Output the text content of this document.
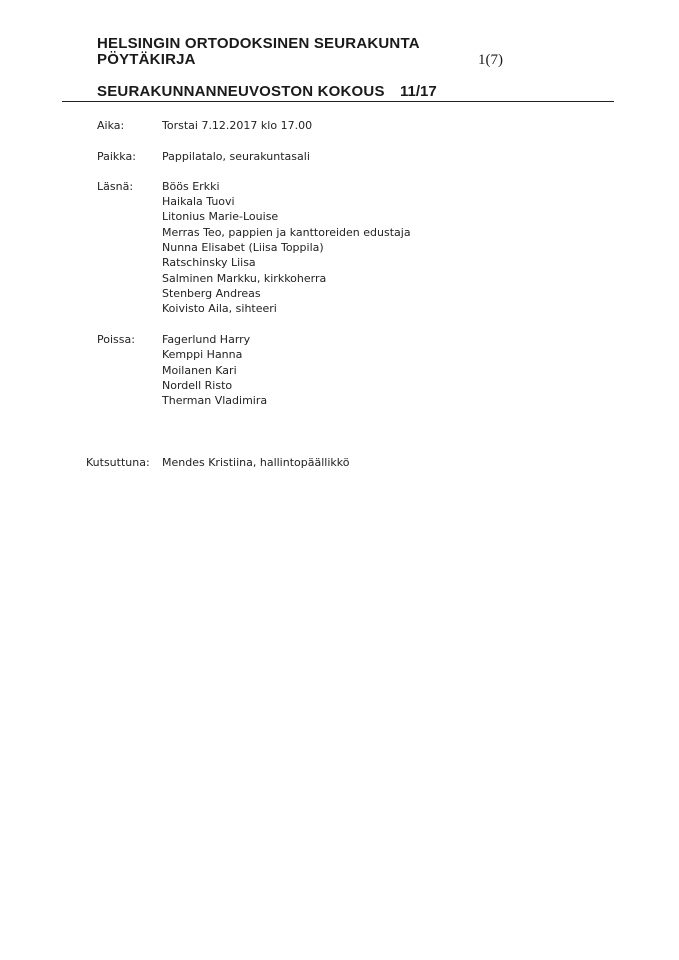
HELSINGIN ORTODOKSINEN SEURAKUNTA
PÖYTÄKIRJA	1(7)
SEURAKUNNANNEUVOSTON KOKOUS 11/17
Aika:	Torstai 7.12.2017 klo 17.00
Paikka: Pappilatalo, seurakuntasali
Läsnä:	Böös Erkki
Haikala Tuovi
Litonius Marie-Louise
Merras Teo, pappien ja kanttoreiden edustaja
Nunna Elisabet (Liisa Toppila)
Ratschinsky Liisa
Salminen Markku, kirkkoherra
Stenberg Andreas
Koivisto Aila, sihteeri
Poissa: Fagerlund Harry
Kemppi Hanna
Moilanen Kari
Nordell Risto
Therman Vladimira
Kutsuttuna: Mendes Kristiina, hallintopäällikkö
